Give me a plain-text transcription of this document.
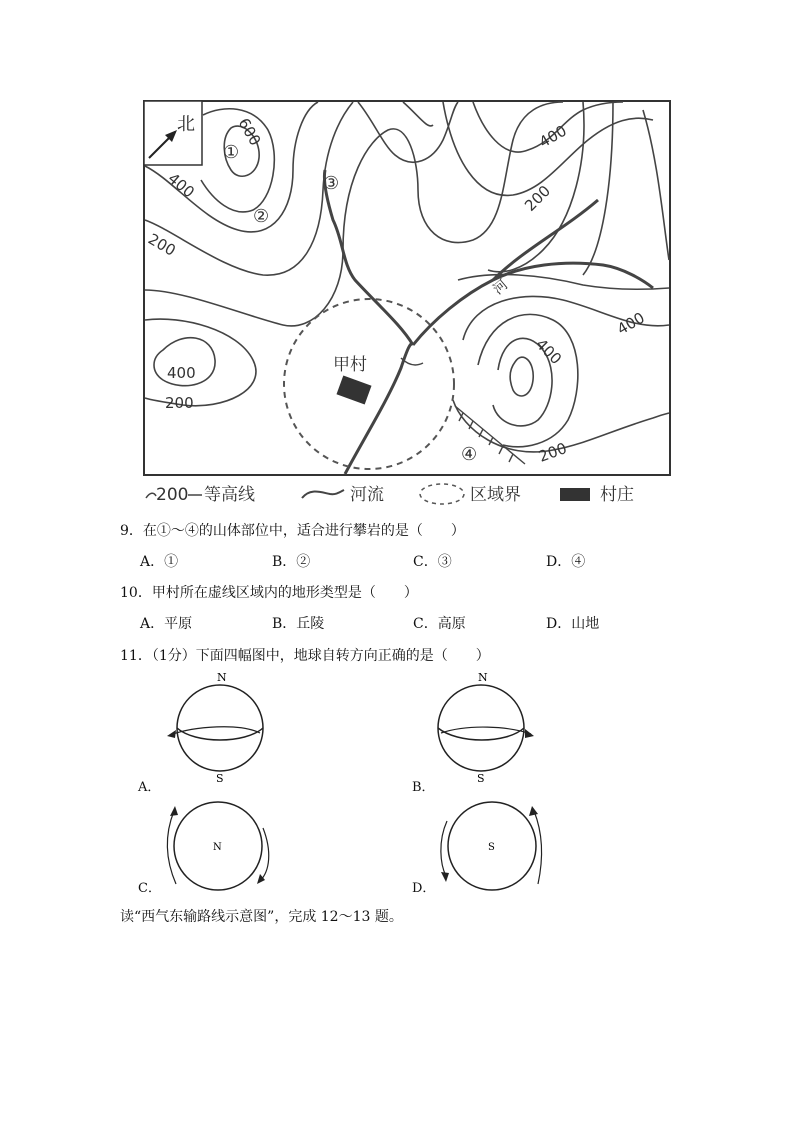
北
甲村
河
600
400
400
200
400
200
400
200
400
200
①
②
③
④
200 等高线	河流	区域界	村庄
9．在①～④的山体部位中，适合进行攀岩的是（　　）
A．①	B．②	C．③	D．④
10．甲村所在虚线区域内的地形类型是（　　）
A．平原	B．丘陵	C．高原	D．山地
11．（1分）下面四幅图中，地球自转方向正确的是（　　）
N
S
A．
N
S
B．
N
C．
S
D．
读“西气东输路线示意图”，完成 12～13 题。
